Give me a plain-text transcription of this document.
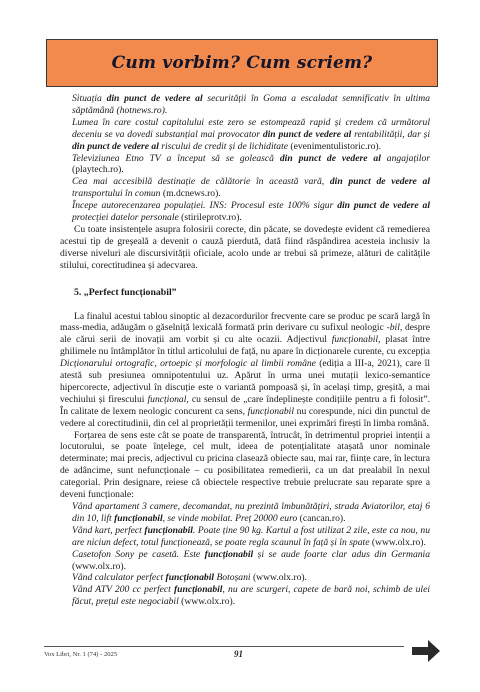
Cum vorbim? Cum scriem?

Situația din punct de vedere al securității în Goma a escaladat semnificativ în ultima săptămână (hotnews.ro).

Lumea în care costul capitalului este zero se estompează rapid și credem că următorul deceniu se va dovedi substanțial mai provocator din punct de vedere al rentabilității, dar și din punct de vedere al riscului de credit și de lichiditate (evenimentulistoric.ro).

Televiziunea Etno TV a început să se golească din punct de vedere al angajaților (playtech.ro).

Cea mai accesibilă destinație de călătorie în această vară, din punct de vedere al transportului în comun (m.dcnews.ro).

Începe autorecenzarea populației. INS: Procesul este 100% sigur din punct de vedere al protecției datelor personale (stirileprotv.ro).

Cu toate insistențele asupra folosirii corecte, din păcate, se dovedește evident că remedierea acestui tip de greșeală a devenit o cauză pierdută, dată fiind răspândirea acesteia inclusiv la diverse niveluri ale discursivității oficiale, acolo unde ar trebui să primeze, alături de calitățile stilului, corectitudinea și adecvarea.

5. „Perfect funcționabil”

La finalul acestui tablou sinoptic al dezacordurilor frecvente care se produc pe scară largă în mass-media, adăugăm o găselniță lexicală formată prin derivare cu sufixul neologic -bil, despre ale cărui serii de inovații am vorbit și cu alte ocazii. Adjectivul funcționabil, plasat între ghilimele nu întâmplător în titlul articolului de față, nu apare în dicționarele curente, cu excepția Dicționarului ortografic, ortoepic și morfologic al limbii române (ediția a III-a, 2021), care îl atestă sub presiunea omnipotentului uz. Apărut în urma unei mutații lexico-semantice hipercorecte, adjectivul în discuție este o variantă pompoasă și, în același timp, greșită, a mai vechiului și firescului funcțional, cu sensul de „care îndeplinește condițiile pentru a fi folosit”. În calitate de lexem neologic concurent ca sens, funcționabil nu corespunde, nici din punctul de vedere al corectitudinii, din cel al proprietății termenilor, unei exprimări firești în limba română.

Forțarea de sens este cât se poate de transparentă, întrucât, în detrimentul propriei intenții a locutorului, se poate înțelege, cel mult, ideea de potențialitate atașată unor nominale determinate; mai precis, adjectivul cu pricina clasează obiecte sau, mai rar, ființe care, în lectura de adâncime, sunt nefuncționale – cu posibilitatea remedierii, ca un dat prealabil în nexul categorial. Prin designare, reiese că obiectele respective trebuie prelucrate sau reparate spre a deveni funcționale:

Vând apartament 3 camere, decomandat, nu prezintă îmbunătățiri, strada Aviatorilor, etaj 6 din 10, lift funcționabil, se vinde mobilat. Preț 20000 euro (cancan.ro).

Vând kart, perfect funcționabil. Poate ține 90 kg. Kartul a fost utilizat 2 zile, este ca nou, nu are niciun defect, totul funcționează, se poate regla scaunul în față și în spate (www.olx.ro).

Casetofon Sony pe casetă. Este funcționabil și se aude foarte clar adus din Germania (www.olx.ro).

Vând calculator perfect funcționabil Botoșani (www.olx.ro).

Vând ATV 200 cc perfect funcționabil, nu are scurgeri, capete de bară noi, schimb de ulei făcut, prețul este negociabil (www.olx.ro).

Vox Libri, Nr. 1 (74) - 2025	91
